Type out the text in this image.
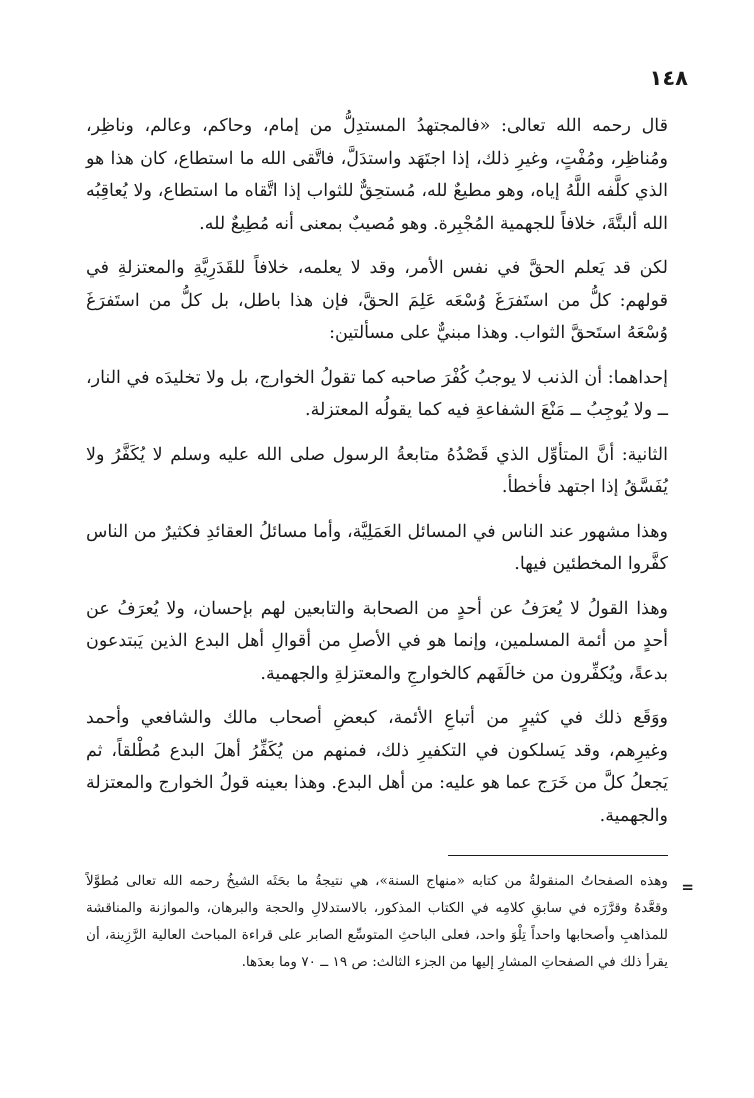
١٤٨

قال رحمه الله تعالى: «فالمجتهدُ المستدِلُّ من إمام، وحاكم، وعالم، وناظِر، ومُناظِر، ومُفْتٍ، وغيرِ ذلك، إذا اجتَهَد واستدَلَّ، فاتَّقى الله ما استطاع، كان هذا هو الذي كلَّفه اللَّهُ إياه، وهو مطيعٌ لله، مُستحِقٌّ للثواب إذا اتَّقاه ما استطاع، ولا يُعاقِبُه الله ألبتَّةَ، خلافاً للجهمية المُجْبِرة. وهو مُصيبٌ بمعنى أنه مُطِيعٌ لله.

لكن قد يَعلم الحقَّ في نفس الأمر، وقد لا يعلمه، خلافاً للقَدَرِيَّةِ والمعتزلةِ في قولهم: كلُّ من استَفرَغَ وُسْعَه عَلِمَ الحقَّ، فإن هذا باطل، بل كلُّ من استَفرَغَ وُسْعَهُ استَحقَّ الثواب. وهذا مبنيٌّ على مسألتين:

إحداهما: أن الذنب لا يوجبُ كُفْرَ صاحبه كما تقولُ الخوارج، بل ولا تخليدَه في النار، ــ ولا يُوجِبُ ــ مَنْعَ الشفاعةِ فيه كما يقولُه المعتزلة.

الثانية: أنَّ المتأوِّل الذي قَصْدُهُ متابعةُ الرسول صلى الله عليه وسلم لا يُكَفَّرُ ولا يُفَسَّقُ إذا اجتهد فأخطأ.

وهذا مشهور عند الناس في المسائل العَمَلِيَّة، وأما مسائلُ العقائدِ فكثيرٌ من الناس كفَّروا المخطئين فيها.

وهذا القولُ لا يُعرَفُ عن أحدٍ من الصحابة والتابعين لهم بإحسان، ولا يُعرَفُ عن أحدٍ من أئمة المسلمين، وإنما هو في الأصلِ من أقوالِ أهل البدع الذين يَبتدعون بدعةً، ويُكفِّرون من خالَفَهم كالخوارجِ والمعتزلةِ والجهمية.

ووَقَع ذلك في كثيرٍ من أتباعِ الأئمة، كبعضِ أصحاب مالك والشافعي وأحمد وغيرِهم، وقد يَسلكون في التكفيرِ ذلك، فمنهم من يُكَفِّرُ أهلَ البدع مُطْلقاً، ثم يَجعلُ كلَّ من خَرَج عما هو عليه: من أهل البدع. وهذا بعينه قولُ الخوارج والمعتزلة والجهمية.

=

وهذه الصفحاتُ المنقولةُ من كتابه «منهاج السنة»، هي نتيجةُ ما بحَثَه الشيخُ رحمه الله تعالى مُطوَّلاً وقعَّدهُ وقرَّرَه في سابقِ كلامِه في الكتاب المذكور، بالاستدلالِ والحجة والبرهان، والموازنة والمناقشة للمذاهبِ وأصحابها واحداً تِلْوَ واحد، فعلى الباحثِ المتوسِّع الصابر على قراءة المباحث العالية الرَّزِينة، أن يقرأ ذلك في الصفحاتِ المشارِ إليها من الجزء الثالث: ص ١٩ ــ ٧٠ وما بعدَها.
